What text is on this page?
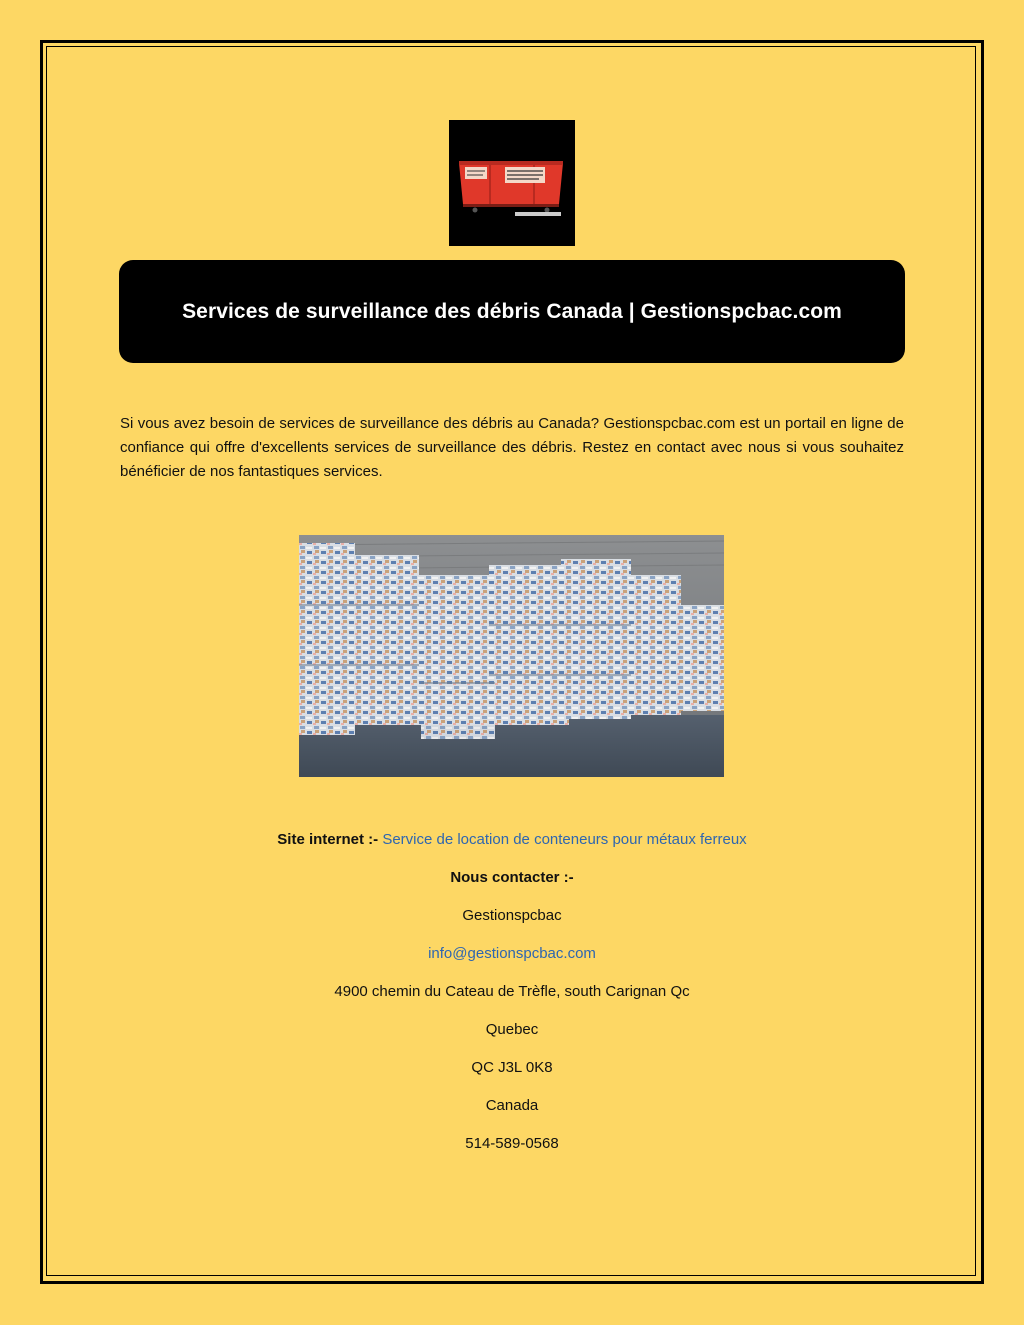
Services de surveillance des débris Canada | Gestionspcbac.com

Si vous avez besoin de services de surveillance des débris au Canada? Gestionspcbac.com est un portail en ligne de confiance qui offre d'excellents services de surveillance des débris. Restez en contact avec nous si vous souhaitez bénéficier de nos fantastiques services.

Site internet :- Service de location de conteneurs pour métaux ferreux
Nous contacter :-
Gestionspcbac
info@gestionspcbac.com
4900 chemin du Cateau de Trèfle, south Carignan Qc
Quebec
QC J3L 0K8
Canada
514-589-0568
